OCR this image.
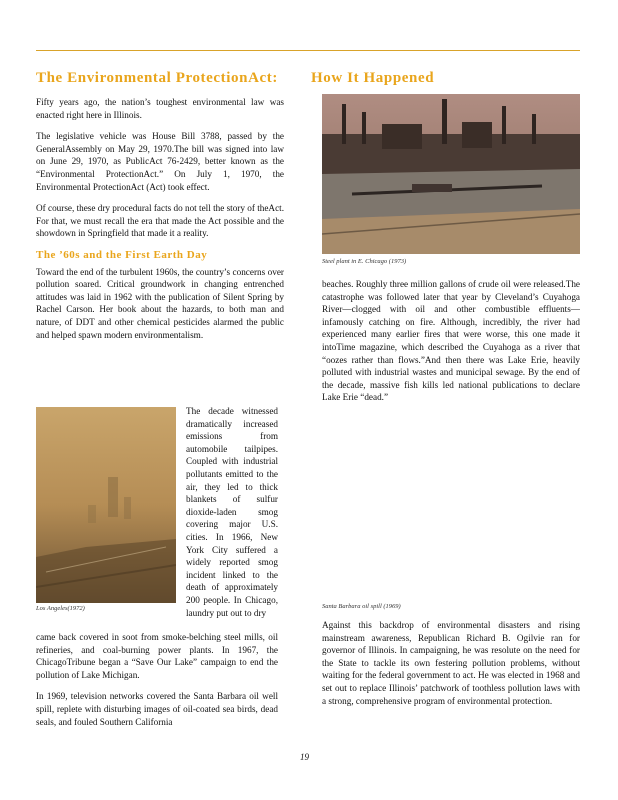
The Environmental ProtectionAct: How It Happened

Fifty years ago, the nation’s toughest environmental law was enacted right here in Illinois.

The legislative vehicle was House Bill 3788, passed by the GeneralAssembly on May 29, 1970.The bill was signed into law on June 29, 1970, as PublicAct 76-2429, better known as the “Environmental ProtectionAct.” On July 1, 1970, the Environmental ProtectionAct (Act) took effect.

Of course, these dry procedural facts do not tell the story of theAct. For that, we must recall the era that made the Act possible and the showdown in Springfield that made it a reality.

The ’60s and the First Earth Day

Toward the end of the turbulent 1960s, the country’s concerns over pollution soared. Critical groundwork in changing entrenched attitudes was laid in 1962 with the publication of Silent Spring by Rachel Carson. Her book about the hazards, to both man and nature, of DDT and other chemical pesticides alarmed the public and helped spawn modern environmentalism.

Los Angeles(1972)

The decade witnessed dramatically increased emissions from automobile tailpipes. Coupled with industrial pollutants emitted to the air, they led to thick blankets of sulfur dioxide-laden smog covering major U.S. cities. In 1966, New York City suffered a widely reported smog incident linked to the death of approximately 200 people. In Chicago, laundry put out to dry

came back covered in soot from smoke-belching steel mills, oil refineries, and coal-burning power plants. In 1967, the ChicagoTribune began a “Save Our Lake” campaign to end the pollution of Lake Michigan.

In 1969, television networks covered the Santa Barbara oil well spill, replete with disturbing images of oil-coated sea birds, dead seals, and fouled Southern California

Steel plant in E. Chicago (1973)

beaches. Roughly three million gallons of crude oil were released.The catastrophe was followed later that year by Cleveland’s Cuyahoga River—clogged with oil and other combustible effluents—infamously catching on fire. Although, incredibly, the river had experienced many earlier fires that were worse, this one made it intoTime magazine, which described the Cuyahoga as a river that “oozes rather than flows.”And then there was Lake Erie, heavily polluted with industrial wastes and municipal sewage. By the end of the decade, massive fish kills led national publications to declare Lake Erie “dead.”

Santa Barbara oil spill (1969)

Against this backdrop of environmental disasters and rising mainstream awareness, Republican Richard B. Ogilvie ran for governor of Illinois. In campaigning, he was resolute on the need for the State to tackle its own festering pollution problems, without waiting for the federal government to act. He was elected in 1968 and set out to replace Illinois’ patchwork of toothless pollution laws with a strong, comprehensive program of environmental protection.

19
